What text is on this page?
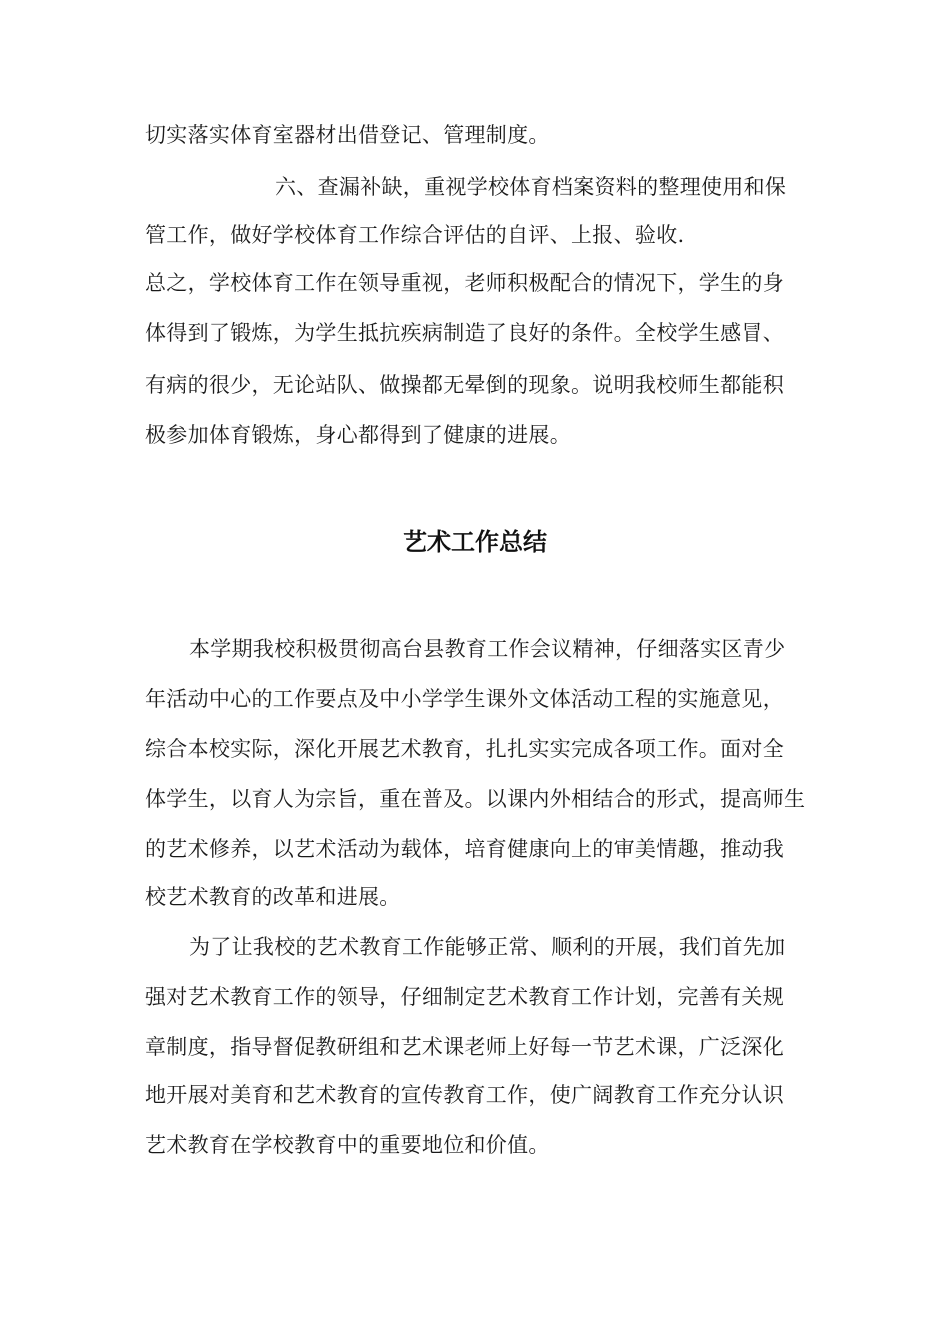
切实落实体育室器材出借登记、管理制度。
六、查漏补缺，重视学校体育档案资料的整理使用和保
管工作，做好学校体育工作综合评估的自评、上报、验收.
总之，学校体育工作在领导重视，老师积极配合的情况下，学生的身
体得到了锻炼，为学生抵抗疾病制造了良好的条件。全校学生感冒、
有病的很少，无论站队、做操都无晕倒的现象。说明我校师生都能积
极参加体育锻炼，身心都得到了健康的进展。
艺术工作总结
本学期我校积极贯彻高台县教育工作会议精神，仔细落实区青少
年活动中心的工作要点及中小学学生课外文体活动工程的实施意见，
综合本校实际，深化开展艺术教育，扎扎实实完成各项工作。面对全
体学生，以育人为宗旨，重在普及。以课内外相结合的形式，提高师生
的艺术修养，以艺术活动为载体，培育健康向上的审美情趣，推动我
校艺术教育的改革和进展。
为了让我校的艺术教育工作能够正常、顺利的开展，我们首先加
强对艺术教育工作的领导，仔细制定艺术教育工作计划，完善有关规
章制度，指导督促教研组和艺术课老师上好每一节艺术课，广泛深化
地开展对美育和艺术教育的宣传教育工作，使广阔教育工作充分认识
艺术教育在学校教育中的重要地位和价值。
